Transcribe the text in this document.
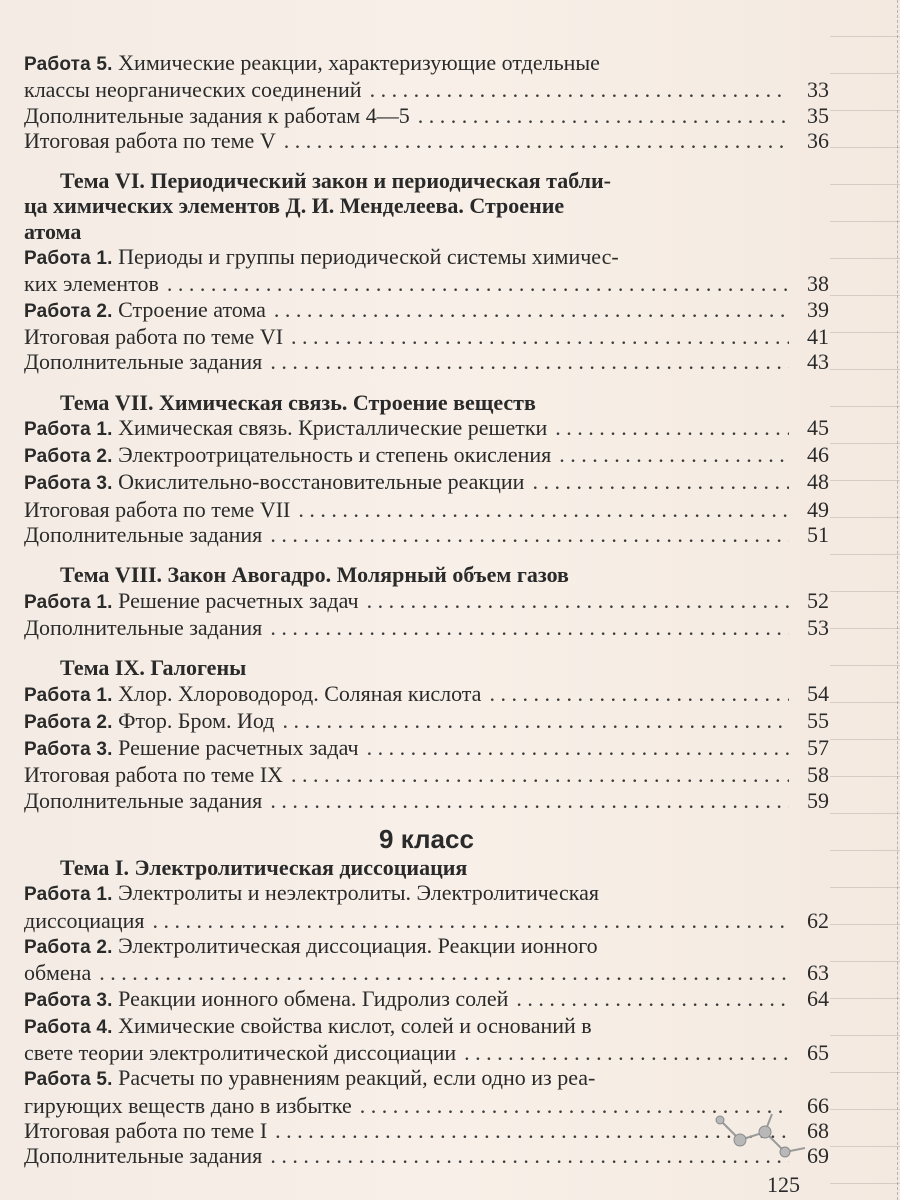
Работа 5. Химические реакции, характеризующие отдельные
классы неорганических соединений . . .	33
Дополнительные задания к работам 4—5 . . .	35
Итоговая работа по теме V . . .	36
Тема VI. Периодический закон и периодическая табли-
ца химических элементов Д. И. Менделеева. Строение
атома
Работа 1. Периоды и группы периодической системы химичес-
ких элементов . . .	38
Работа 2. Строение атома . . .	39
Итоговая работа по теме VI . . .	41
Дополнительные задания . . .	43
Тема VII. Химическая связь. Строение веществ
Работа 1. Химическая связь. Кристаллические решетки . . .	45
Работа 2. Электроотрицательность и степень окисления . . .	46
Работа 3. Окислительно-восстановительные реакции . . .	48
Итоговая работа по теме VII . . .	49
Дополнительные задания . . .	51
Тема VIII. Закон Авогадро. Молярный объем газов
Работа 1. Решение расчетных задач . . .	52
Дополнительные задания . . .	53
Тема IX. Галогены
Работа 1. Хлор. Хлороводород. Соляная кислота . . .	54
Работа 2. Фтор. Бром. Иод . . .	55
Работа 3. Решение расчетных задач . . .	57
Итоговая работа по теме IX . . .	58
Дополнительные задания . . .	59
9 класс
Тема I. Электролитическая диссоциация
Работа 1. Электролиты и неэлектролиты. Электролитическая
диссоциация . . .	62
Работа 2. Электролитическая диссоциация. Реакции ионного
обмена . . .	63
Работа 3. Реакции ионного обмена. Гидролиз солей . . .	64
Работа 4. Химические свойства кислот, солей и оснований в
свете теории электролитической диссоциации . . .	65
Работа 5. Расчеты по уравнениям реакций, если одно из реа-
гирующих веществ дано в избытке . . .	66
Итоговая работа по теме I . . .	68
Дополнительные задания . . .	69
125
